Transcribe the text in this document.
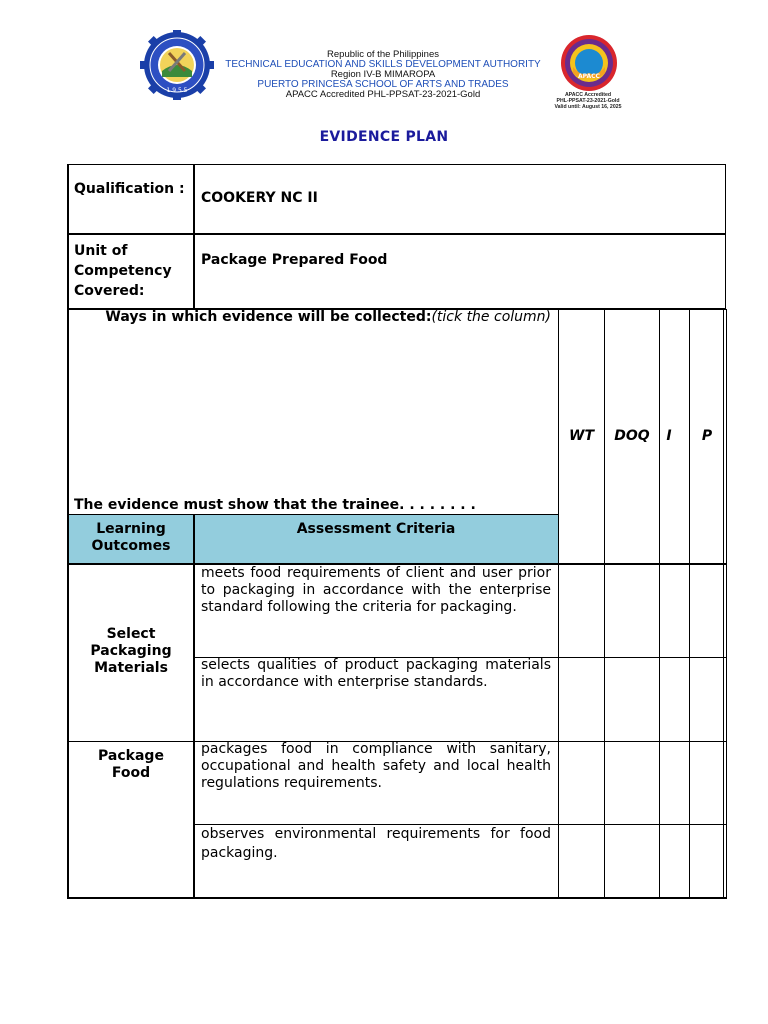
1 9 5 5
Republic of the Philippines
TECHNICAL EDUCATION AND SKILLS DEVELOPMENT AUTHORITY
Region IV-B MIMAROPA
PUERTO PRINCESA SCHOOL OF ARTS AND TRADES
APACC Accredited PHL-PPSAT-23-2021-Gold
APACC
APACC Accredited
PHL-PPSAT-23-2021-Gold
Valid until: August 16, 2025
EVIDENCE PLAN
Qualification :
COOKERY NC II
Unit of Competency Covered:
Package Prepared Food
Ways in which evidence will be collected:(tick the column)
The evidence must show that the trainee. . . . . . . .
WT	DOQ	I	P
Learning Outcomes
Assessment Criteria
Select Packaging Materials
meets food requirements of client and user prior to packaging in accordance with the enterprise standard following the criteria for packaging.
selects qualities of product packaging materials in accordance with enterprise standards.
Package Food
packages food in compliance with sanitary, occupational and health safety and local health regulations requirements.
observes environmental requirements for food packaging.
